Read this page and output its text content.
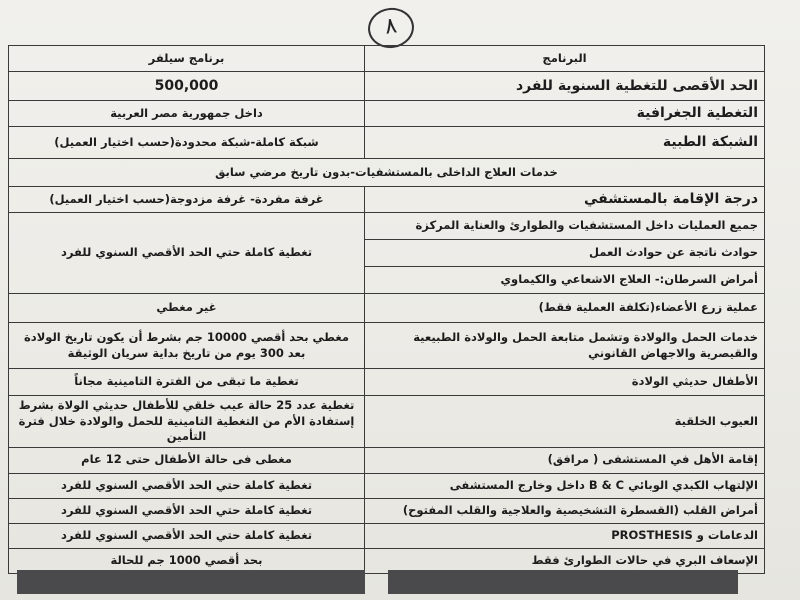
٨
البرنامج	برنامج سيلفر
الحد الأقصى للتغطية السنوية للفرد	500,000
التغطية الجغرافية	داخل جمهورية مصر العربية
الشبكة الطبية	شبكة كاملة-شبكة محدودة(حسب اختيار العميل)
خدمات العلاج الداخلى بالمستشفيات-بدون تاريخ مرضي سابق	
درجة الإقامة بالمستشفي	غرفة مفردة- غرفة مزدوجة(حسب اختيار العميل)
جميع العمليات داخل المستشفيات والطوارئ والعناية المركزة	تغطية كاملة حتي الحد الأقصي السنوي للفرد
حوادث ناتجة عن حوادث العمل	
أمراض السرطان:- العلاج الاشعاعي والكيماوي	
عملية زرع الأعضاء(تكلفة العملية فقط)	غير مغطي
خدمات الحمل والولادة وتشمل متابعة الحمل والولادة الطبيعية والقيصرية والاجهاض القانوني	مغطي بحد أقصي 10000 جم بشرط أن يكون تاريخ الولادة بعد 300 يوم من تاريخ بداية سريان الوثيقة
الأطفال حديثي الولادة	تغطية ما تبقى من الفترة التامينية مجاناً
العيوب الخلقية	تغطية عدد 25 حالة عيب خلقي للأطفال حديثي الولاة بشرط إستفادة الأم من التغطية التامينية للحمل والولادة خلال فترة التأمين
إقامة الأهل في المستشفى ( مرافق)	مغطى فى حالة الأطفال حتى 12 عام
الإلتهاب الكبدي الوبائي B & C داخل وخارج المستشفى	تغطية كاملة حتي الحد الأقصي السنوي للفرد
أمراض القلب (القسطرة التشخيصية والعلاجية والقلب المفتوح)	تغطية كاملة حتي الحد الأقصي السنوي للفرد
الدعامات و PROSTHESIS	تغطية كاملة حتي الحد الأقصي السنوي للفرد
الإسعاف البري في حالات الطوارئ فقط	بحد أقصي 1000 جم للحالة
